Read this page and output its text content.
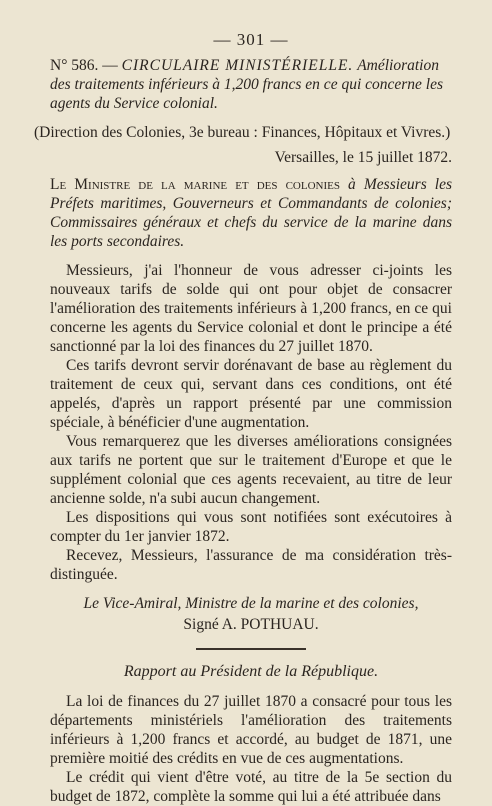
— 301 —

N° 586. — CIRCULAIRE MINISTÉRIELLE. Amélioration des traitements inférieurs à 1,200 francs en ce qui concerne les agents du Service colonial.

(Direction des Colonies, 3e bureau : Finances, Hôpitaux et Vivres.)
Versailles, le 15 juillet 1872.

Le Ministre de la marine et des colonies à Messieurs les Préfets maritimes, Gouverneurs et Commandants de colonies; Commissaires généraux et chefs du service de la marine dans les ports secondaires.

Messieurs, j'ai l'honneur de vous adresser ci-joints les nouveaux tarifs de solde qui ont pour objet de consacrer l'amélioration des traitements inférieurs à 1,200 francs, en ce qui concerne les agents du Service colonial et dont le principe a été sanctionné par la loi des finances du 27 juillet 1870.

Ces tarifs devront servir dorénavant de base au règlement du traitement de ceux qui, servant dans ces conditions, ont été appelés, d'après un rapport présenté par une commission spéciale, à bénéficier d'une augmentation.

Vous remarquerez que les diverses améliorations consignées aux tarifs ne portent que sur le traitement d'Europe et que le supplément colonial que ces agents recevaient, au titre de leur ancienne solde, n'a subi aucun changement.

Les dispositions qui vous sont notifiées sont exécutoires à compter du 1er janvier 1872.

Recevez, Messieurs, l'assurance de ma considération très-distinguée.

Le Vice-Amiral, Ministre de la marine et des colonies,
Signé A. POTHUAU.
Rapport au Président de la République.

La loi de finances du 27 juillet 1870 a consacré pour tous les départements ministériels l'amélioration des traitements inférieurs à 1,200 francs et accordé, au budget de 1871, une première moitié des crédits en vue de ces augmentations.

Le crédit qui vient d'être voté, au titre de la 5e section du budget de 1872, complète la somme qui lui a été attribuée dans
